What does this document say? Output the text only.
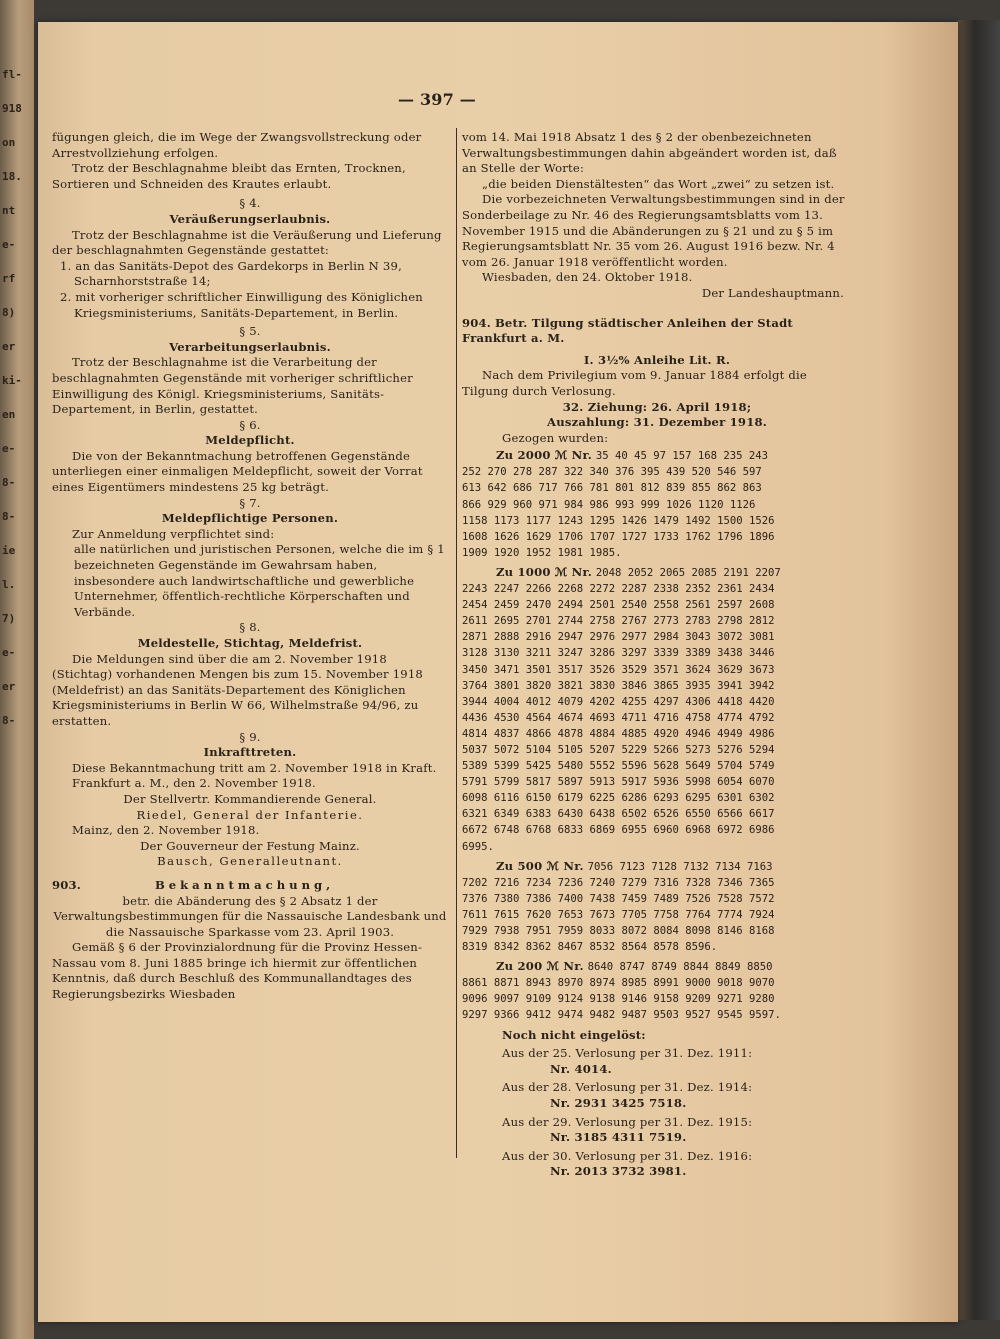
fl-
918
on
18.
nt
e-
rf
8)
er
ki-
en
e-
8-
8-
ie
l.
7)
e-
er
8-
— 397 —

fügungen gleich, die im Wege der Zwangsvollstreckung oder Arrestvollziehung erfolgen.

Trotz der Beschlagnahme bleibt das Ernten, Trocknen, Sortieren und Schneiden des Krautes erlaubt.

§ 4.
Veräußerungserlaubnis.

Trotz der Beschlagnahme ist die Veräußerung und Lieferung der beschlagnahmten Gegenstände gestattet:

1. an das Sanitäts-Depot des Gardekorps in Berlin N 39, Scharnhorststraße 14;

2. mit vorheriger schriftlicher Einwilligung des Königlichen Kriegsministeriums, Sanitäts-Departement, in Berlin.

§ 5.
Verarbeitungserlaubnis.

Trotz der Beschlagnahme ist die Verarbeitung der beschlagnahmten Gegenstände mit vorheriger schriftlicher Einwilligung des Königl. Kriegsministeriums, Sanitäts-Departement, in Berlin, gestattet.

§ 6.
Meldepflicht.

Die von der Bekanntmachung betroffenen Gegenstände unterliegen einer einmaligen Meldepflicht, soweit der Vorrat eines Eigentümers mindestens 25 kg beträgt.

§ 7.
Meldepflichtige Personen.

Zur Anmeldung verpflichtet sind:

alle natürlichen und juristischen Personen, welche die im § 1 bezeichneten Gegenstände im Gewahrsam haben, insbesondere auch landwirtschaftliche und gewerbliche Unternehmer, öffentlich-rechtliche Körperschaften und Verbände.

§ 8.
Meldestelle, Stichtag, Meldefrist.

Die Meldungen sind über die am 2. November 1918 (Stichtag) vorhandenen Mengen bis zum 15. November 1918 (Meldefrist) an das Sanitäts-Departement des Königlichen Kriegsministeriums in Berlin W 66, Wilhelmstraße 94/96, zu erstatten.

§ 9.
Inkrafttreten.

Diese Bekanntmachung tritt am 2. November 1918 in Kraft.

Frankfurt a. M., den 2. November 1918.

Der Stellvertr. Kommandierende General.
Riedel, General der Infanterie.

Mainz, den 2. November 1918.

Der Gouverneur der Festung Mainz.
Bausch, Generalleutnant.
903.	Bekanntmachung,

betr. die Abänderung des § 2 Absatz 1 der Verwaltungsbestimmungen für die Nassauische Landesbank und die Nassauische Sparkasse vom 23. April 1903.

Gemäß § 6 der Provinzialordnung für die Provinz Hessen-Nassau vom 8. Juni 1885 bringe ich hiermit zur öffentlichen Kenntnis, daß durch Beschluß des Kommunallandtages des Regierungsbezirks Wiesbaden

vom 14. Mai 1918 Absatz 1 des § 2 der obenbezeichneten Verwaltungsbestimmungen dahin abgeändert worden ist, daß an Stelle der Worte:

„die beiden Dienstältesten“ das Wort „zwei“ zu setzen ist.

Die vorbezeichneten Verwaltungsbestimmungen sind in der Sonderbeilage zu Nr. 46 des Regierungsamtsblatts vom 13. November 1915 und die Abänderungen zu § 21 und zu § 5 im Regierungsamtsblatt Nr. 35 vom 26. August 1916 bezw. Nr. 4 vom 26. Januar 1918 veröffentlicht worden.

Wiesbaden, den 24. Oktober 1918.

Der Landeshauptmann.
904. Betr. Tilgung städtischer Anleihen der Stadt Frankfurt a. M.
I. 3½% Anleihe Lit. R.

Nach dem Privilegium vom 9. Januar 1884 erfolgt die Tilgung durch Verlosung.

32. Ziehung: 26. April 1918;
Auszahlung: 31. Dezember 1918.
Gezogen wurden:
Zu 2000 ℳ Nr. 35 40 45 97 157 168 235 243
252 270 278 287 322 340 376 395 439 520 546 597
613 642 686 717 766 781 801 812 839 855 862 863
866 929 960 971 984 986 993 999 1026 1120 1126
1158 1173 1177 1243 1295 1426 1479 1492 1500 1526
1608 1626 1629 1706 1707 1727 1733 1762 1796 1896
1909 1920 1952 1981 1985.
Zu 1000 ℳ Nr. 2048 2052 2065 2085 2191 2207
2243 2247 2266 2268 2272 2287 2338 2352 2361 2434
2454 2459 2470 2494 2501 2540 2558 2561 2597 2608
2611 2695 2701 2744 2758 2767 2773 2783 2798 2812
2871 2888 2916 2947 2976 2977 2984 3043 3072 3081
3128 3130 3211 3247 3286 3297 3339 3389 3438 3446
3450 3471 3501 3517 3526 3529 3571 3624 3629 3673
3764 3801 3820 3821 3830 3846 3865 3935 3941 3942
3944 4004 4012 4079 4202 4255 4297 4306 4418 4420
4436 4530 4564 4674 4693 4711 4716 4758 4774 4792
4814 4837 4866 4878 4884 4885 4920 4946 4949 4986
5037 5072 5104 5105 5207 5229 5266 5273 5276 5294
5389 5399 5425 5480 5552 5596 5628 5649 5704 5749
5791 5799 5817 5897 5913 5917 5936 5998 6054 6070
6098 6116 6150 6179 6225 6286 6293 6295 6301 6302
6321 6349 6383 6430 6438 6502 6526 6550 6566 6617
6672 6748 6768 6833 6869 6955 6960 6968 6972 6986
6995.
Zu 500 ℳ Nr. 7056 7123 7128 7132 7134 7163
7202 7216 7234 7236 7240 7279 7316 7328 7346 7365
7376 7380 7386 7400 7438 7459 7489 7526 7528 7572
7611 7615 7620 7653 7673 7705 7758 7764 7774 7924
7929 7938 7951 7959 8033 8072 8084 8098 8146 8168
8319 8342 8362 8467 8532 8564 8578 8596.
Zu 200 ℳ Nr. 8640 8747 8749 8844 8849 8850
8861 8871 8943 8970 8974 8985 8991 9000 9018 9070
9096 9097 9109 9124 9138 9146 9158 9209 9271 9280
9297 9366 9412 9474 9482 9487 9503 9527 9545 9597.
Noch nicht eingelöst:
Aus der 25. Verlosung per 31. Dez. 1911:
Nr. 4014.
Aus der 28. Verlosung per 31. Dez. 1914:
Nr. 2931 3425 7518.
Aus der 29. Verlosung per 31. Dez. 1915:
Nr. 3185 4311 7519.
Aus der 30. Verlosung per 31. Dez. 1916:
Nr. 2013 3732 3981.
